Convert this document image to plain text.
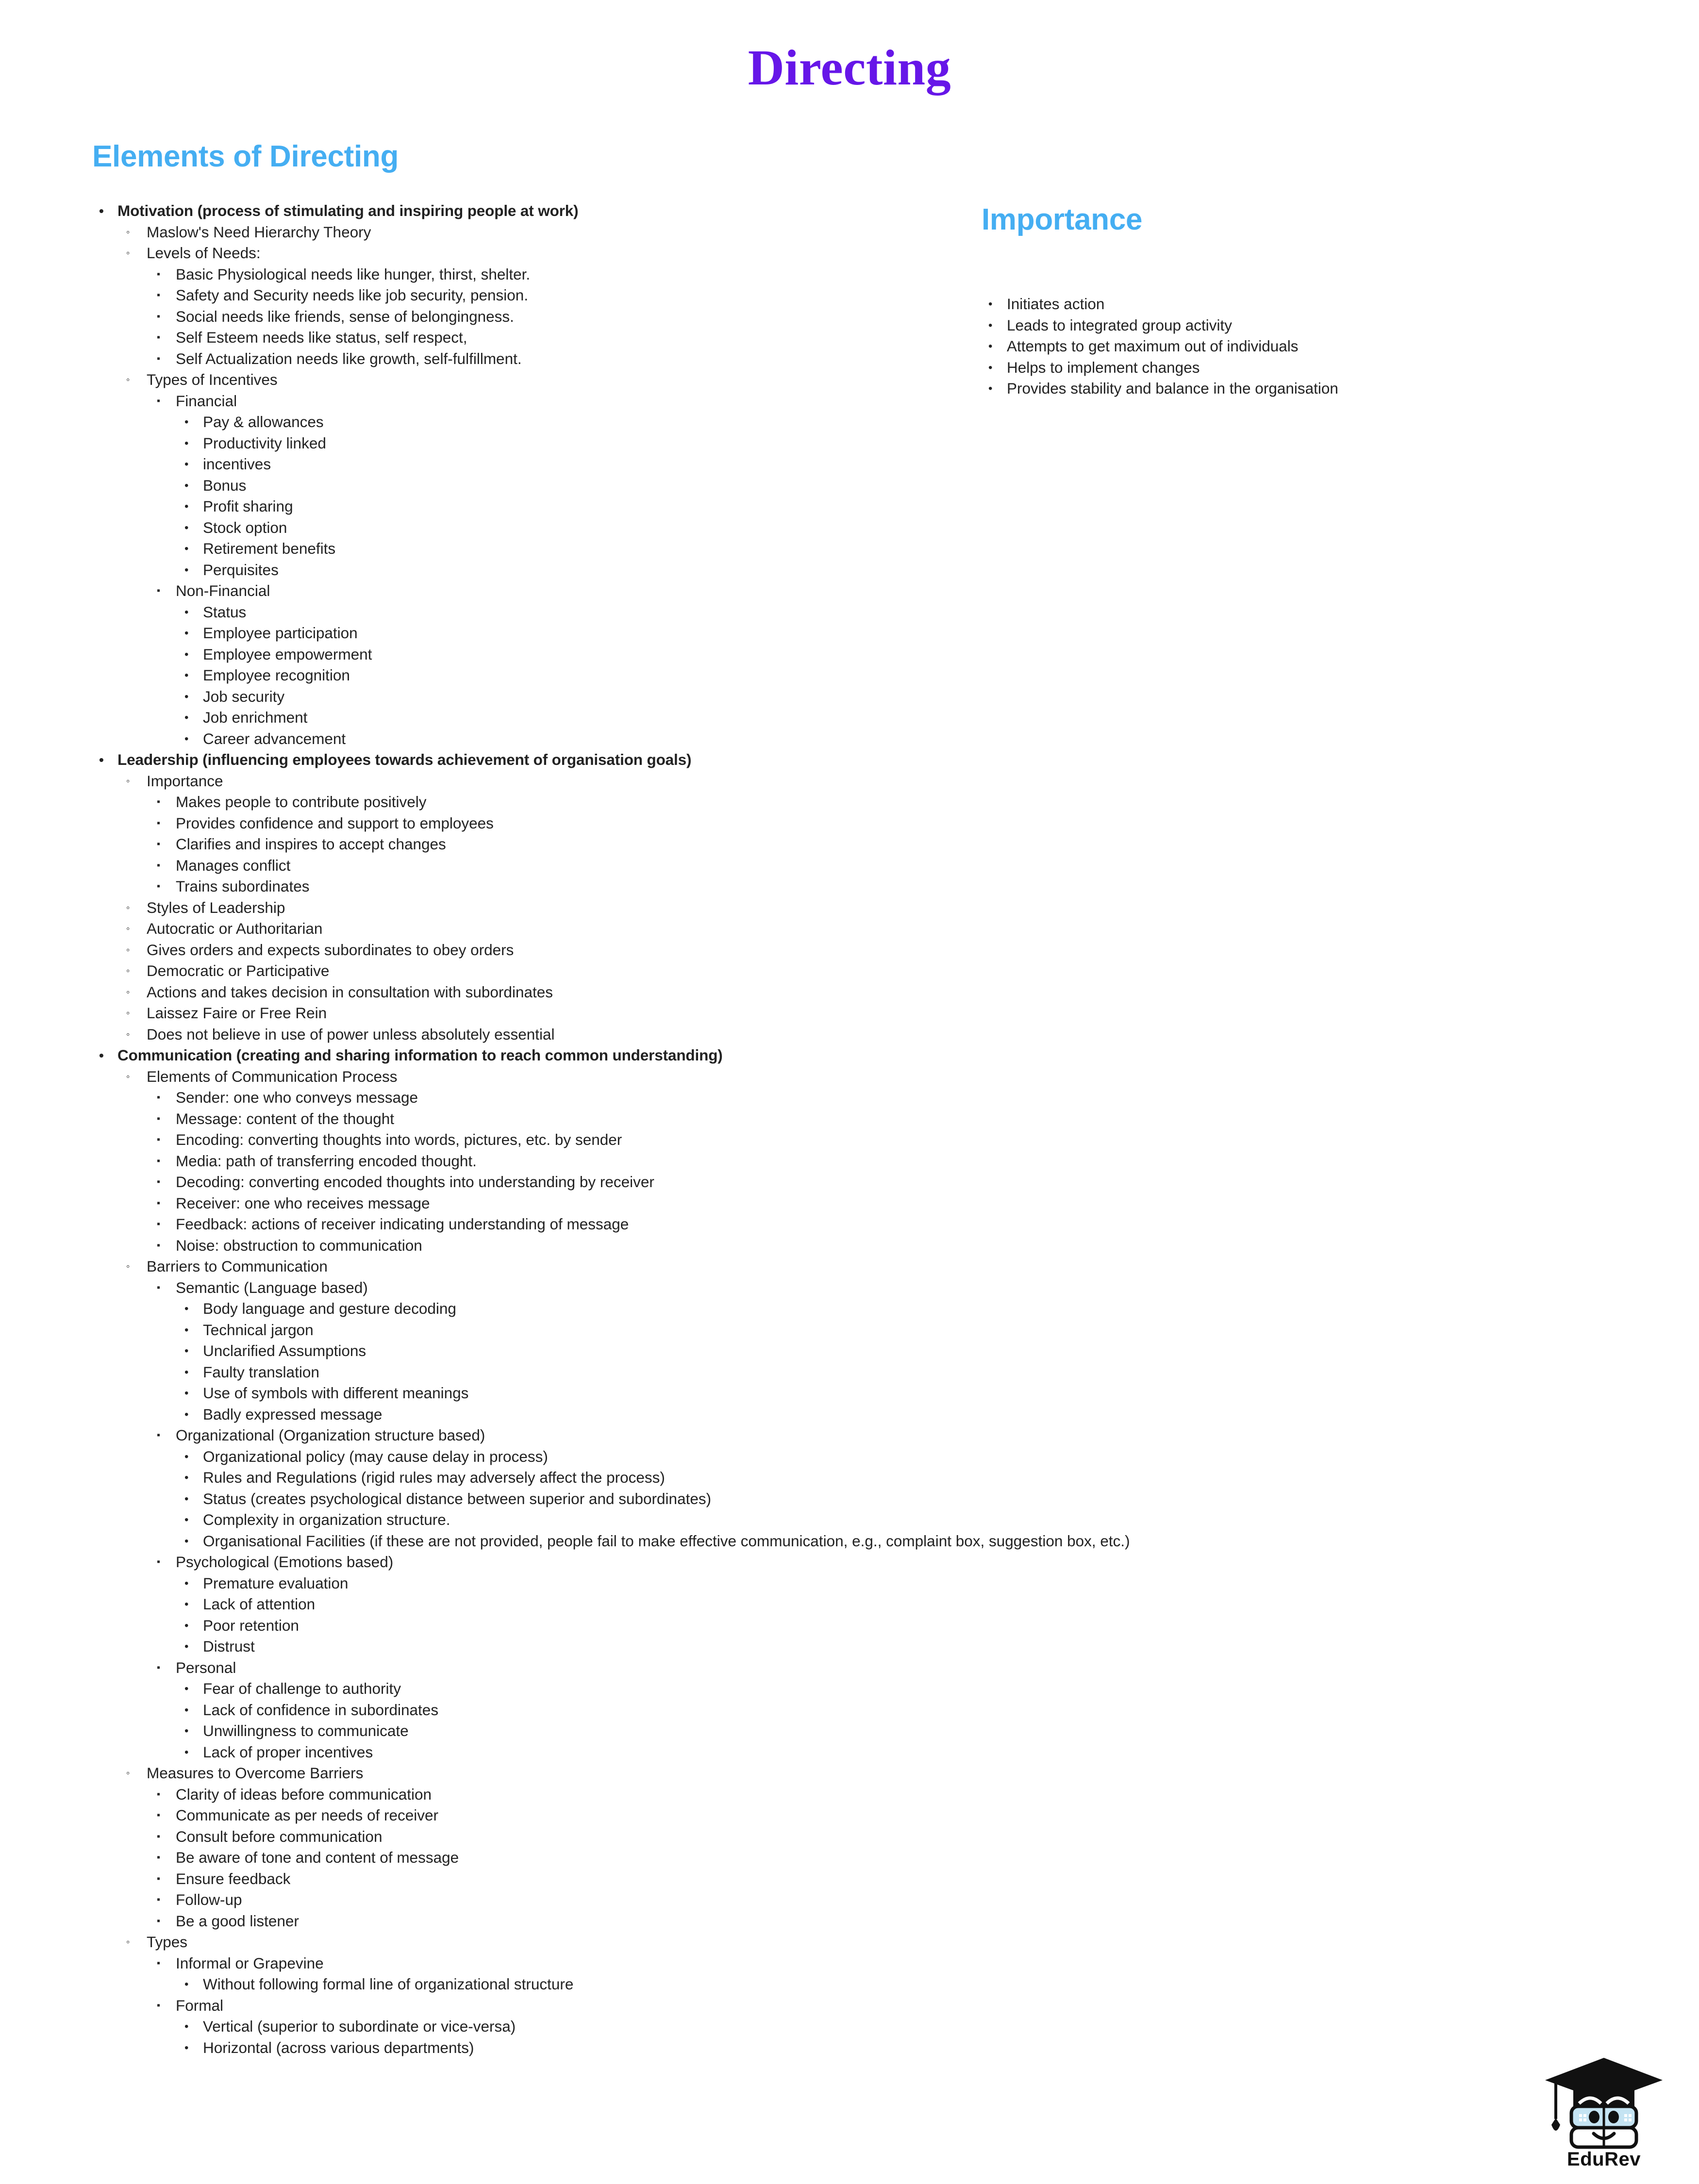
Directing
Elements of Directing
• Motivation (process of stimulating and inspiring people at work)
◦ Maslow's Need Hierarchy Theory
◦ Levels of Needs:
▪ Basic Physiological needs like hunger, thirst, shelter.
▪ Safety and Security needs like job security, pension.
▪ Social needs like friends, sense of belongingness.
▪ Self Esteem needs like status, self respect,
▪ Self Actualization needs like growth, self-fulfillment.
◦ Types of Incentives
▪ Financial
• Pay & allowances
• Productivity linked
• incentives
• Bonus
• Profit sharing
• Stock option
• Retirement benefits
• Perquisites
▪ Non-Financial
• Status
• Employee participation
• Employee empowerment
• Employee recognition
• Job security
• Job enrichment
• Career advancement
• Leadership (influencing employees towards achievement of organisation goals)
◦ Importance
▪ Makes people to contribute positively
▪ Provides confidence and support to employees
▪ Clarifies and inspires to accept changes
▪ Manages conflict
▪ Trains subordinates
◦ Styles of Leadership
◦ Autocratic or Authoritarian
◦ Gives orders and expects subordinates to obey orders
◦ Democratic or Participative
◦ Actions and takes decision in consultation with subordinates
◦ Laissez Faire or Free Rein
◦ Does not believe in use of power unless absolutely essential
• Communication (creating and sharing information to reach common understanding)
◦ Elements of Communication Process
▪ Sender: one who conveys message
▪ Message: content of the thought
▪ Encoding: converting thoughts into words, pictures, etc. by sender
▪ Media: path of transferring encoded thought.
▪ Decoding: converting encoded thoughts into understanding by receiver
▪ Receiver: one who receives message
▪ Feedback: actions of receiver indicating understanding of message
▪ Noise: obstruction to communication
◦ Barriers to Communication
▪ Semantic (Language based)
• Body language and gesture decoding
• Technical jargon
• Unclarified Assumptions
• Faulty translation
• Use of symbols with different meanings
• Badly expressed message
▪ Organizational (Organization structure based)
• Organizational policy (may cause delay in process)
• Rules and Regulations (rigid rules may adversely affect the process)
• Status (creates psychological distance between superior and subordinates)
• Complexity in organization structure.
• Organisational Facilities (if these are not provided, people fail to make effective communication, e.g., complaint box, suggestion box, etc.)
▪ Psychological (Emotions based)
• Premature evaluation
• Lack of attention
• Poor retention
• Distrust
▪ Personal
• Fear of challenge to authority
• Lack of confidence in subordinates
• Unwillingness to communicate
• Lack of proper incentives
◦ Measures to Overcome Barriers
▪ Clarity of ideas before communication
▪ Communicate as per needs of receiver
▪ Consult before communication
▪ Be aware of tone and content of message
▪ Ensure feedback
▪ Follow-up
▪ Be a good listener
◦ Types
▪ Informal or Grapevine
• Without following formal line of organizational structure
▪ Formal
• Vertical (superior to subordinate or vice-versa)
• Horizontal (across various departments)
Importance
• Initiates action
• Leads to integrated group activity
• Attempts to get maximum out of individuals
• Helps to implement changes
• Provides stability and balance in the organisation
EduRev
